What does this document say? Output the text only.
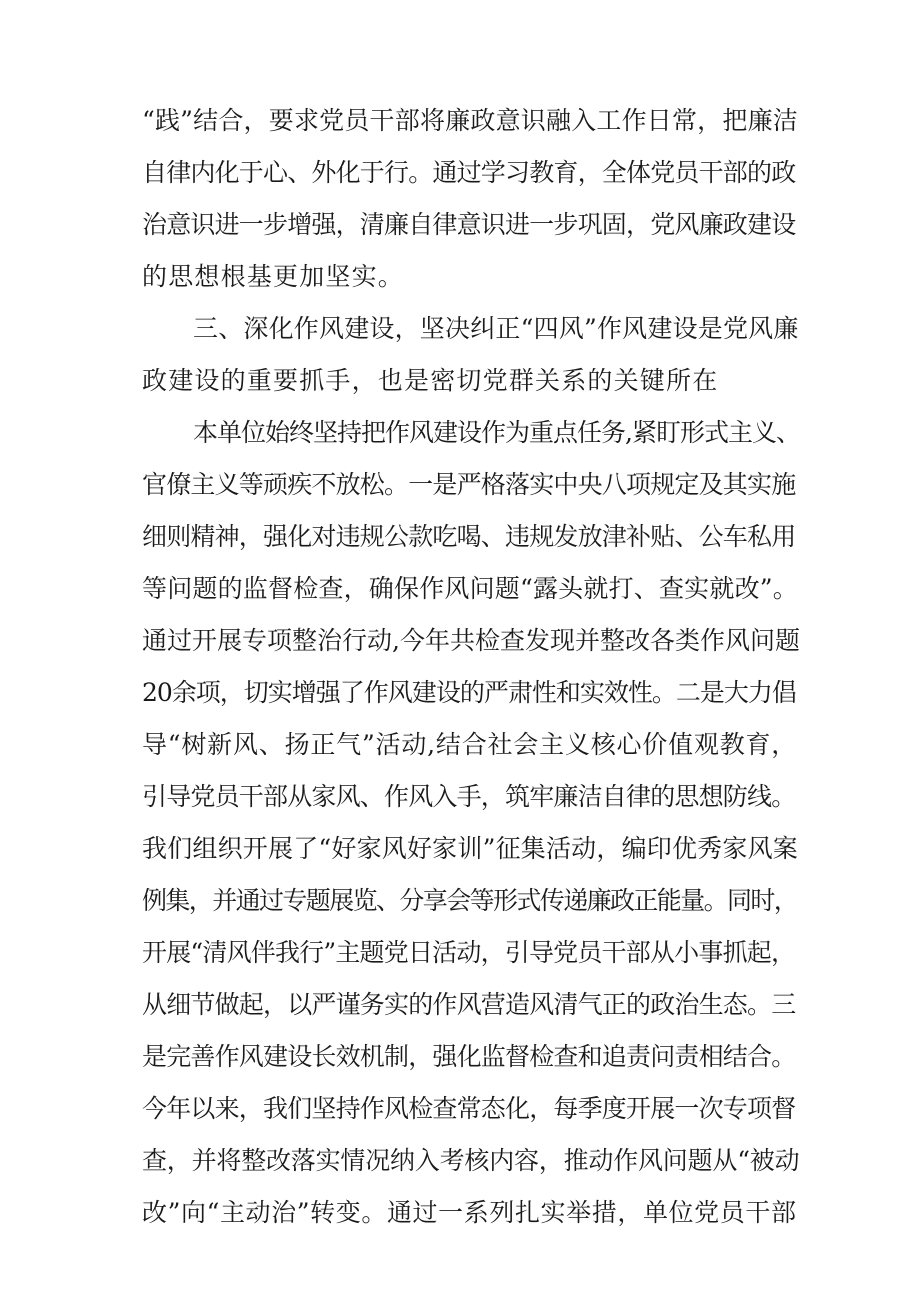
“践”结合，要求党员干部将廉政意识融入工作日常，把廉洁

自律内化于心、外化于行。通过学习教育，全体党员干部的政

治意识进一步增强，清廉自律意识进一步巩固，党风廉政建设

的思想根基更加坚实。

三、深化作风建设，坚决纠正“四风”作风建设是党风廉

政建设的重要抓手，也是密切党群关系的关键所在

本单位始终坚持把作风建设作为重点任务,紧盯形式主义、

官僚主义等顽疾不放松。一是严格落实中央八项规定及其实施

细则精神，强化对违规公款吃喝、违规发放津补贴、公车私用

等问题的监督检查，确保作风问题“露头就打、查实就改”。

通过开展专项整治行动,今年共检查发现并整改各类作风问题

20余项，切实增强了作风建设的严肃性和实效性。二是大力倡

导“树新风、扬正气”活动,结合社会主义核心价值观教育，

引导党员干部从家风、作风入手，筑牢廉洁自律的思想防线。

我们组织开展了“好家风好家训”征集活动，编印优秀家风案

例集，并通过专题展览、分享会等形式传递廉政正能量。同时，

开展“清风伴我行”主题党日活动，引导党员干部从小事抓起，

从细节做起，以严谨务实的作风营造风清气正的政治生态。三

是完善作风建设长效机制，强化监督检查和追责问责相结合。

今年以来，我们坚持作风检查常态化，每季度开展一次专项督

查，并将整改落实情况纳入考核内容，推动作风问题从“被动

改”向“主动治”转变。通过一系列扎实举措，单位党员干部
